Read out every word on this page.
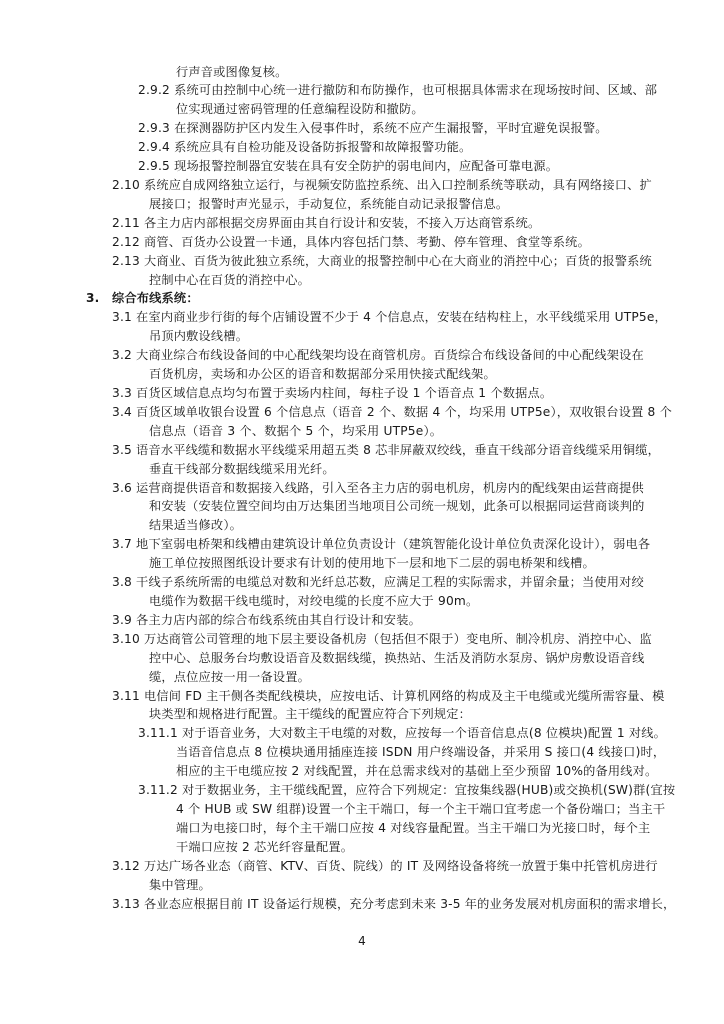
行声音或图像复核。
2.9.2 系统可由控制中心统一进行撤防和布防操作，也可根据具体需求在现场按时间、区域、部
位实现通过密码管理的任意编程设防和撤防。
2.9.3 在探测器防护区内发生入侵事件时，系统不应产生漏报警，平时宜避免误报警。
2.9.4 系统应具有自检功能及设备防拆报警和故障报警功能。
2.9.5 现场报警控制器宜安装在具有安全防护的弱电间内，应配备可靠电源。
2.10 系统应自成网络独立运行，与视频安防监控系统、出入口控制系统等联动，具有网络接口、扩
展接口；报警时声光显示，手动复位，系统能自动记录报警信息。
2.11 各主力店内部根据交房界面由其自行设计和安装，不接入万达商管系统。
2.12 商管、百货办公设置一卡通，具体内容包括门禁、考勤、停车管理、食堂等系统。
2.13 大商业、百货为彼此独立系统，大商业的报警控制中心在大商业的消控中心；百货的报警系统
控制中心在百货的消控中心。
3. 综合布线系统：
3.1 在室内商业步行街的每个店铺设置不少于 4 个信息点，安装在结构柱上，水平线缆采用 UTP5e，
吊顶内敷设线槽。
3.2 大商业综合布线设备间的中心配线架均设在商管机房。百货综合布线设备间的中心配线架设在
百货机房，卖场和办公区的语音和数据部分采用快接式配线架。
3.3 百货区域信息点均匀布置于卖场内柱间，每柱子设 1 个语音点 1 个数据点。
3.4 百货区域单收银台设置 6 个信息点（语音 2 个、数据 4 个，均采用 UTP5e），双收银台设置 8 个
信息点（语音 3 个、数据个 5 个，均采用 UTP5e）。
3.5 语音水平线缆和数据水平线缆采用超五类 8 芯非屏蔽双绞线，垂直干线部分语音线缆采用铜缆，
垂直干线部分数据线缆采用光纤。
3.6 运营商提供语音和数据接入线路，引入至各主力店的弱电机房，机房内的配线架由运营商提供
和安装（安装位置空间均由万达集团当地项目公司统一规划，此条可以根据同运营商谈判的
结果适当修改）。
3.7 地下室弱电桥架和线槽由建筑设计单位负责设计（建筑智能化设计单位负责深化设计），弱电各
施工单位按照图纸设计要求有计划的使用地下一层和地下二层的弱电桥架和线槽。
3.8 干线子系统所需的电缆总对数和光纤总芯数，应满足工程的实际需求，并留余量；当使用对绞
电缆作为数据干线电缆时，对绞电缆的长度不应大于 90m。
3.9 各主力店内部的综合布线系统由其自行设计和安装。
3.10 万达商管公司管理的地下层主要设备机房（包括但不限于）变电所、制冷机房、消控中心、监
控中心、总服务台均敷设语音及数据线缆，换热站、生活及消防水泵房、锅炉房敷设语音线
缆，点位应按一用一备设置。
3.11 电信间 FD 主干侧各类配线模块，应按电话、计算机网络的构成及主干电缆或光缆所需容量、模
块类型和规格进行配置。主干缆线的配置应符合下列规定：
3.11.1 对于语音业务，大对数主干电缆的对数，应按每一个语音信息点(8 位模块)配置 1 对线。
当语音信息点 8 位模块通用插座连接 ISDN 用户终端设备，并采用 S 接口(4 线接口)时，
相应的主干电缆应按 2 对线配置，并在总需求线对的基础上至少预留 10%的备用线对。
3.11.2 对于数据业务，主干缆线配置，应符合下列规定：宜按集线器(HUB)或交换机(SW)群(宜按
4 个 HUB 或 SW 组群)设置一个主干端口，每一个主干端口宜考虑一个备份端口；当主干
端口为电接口时，每个主干端口应按 4 对线容量配置。当主干端口为光接口时，每个主
干端口应按 2 芯光纤容量配置。
3.12 万达广场各业态（商管、KTV、百货、院线）的 IT 及网络设备将统一放置于集中托管机房进行
集中管理。
3.13 各业态应根据目前 IT 设备运行规模，充分考虑到未来 3-5 年的业务发展对机房面积的需求增长，
4
